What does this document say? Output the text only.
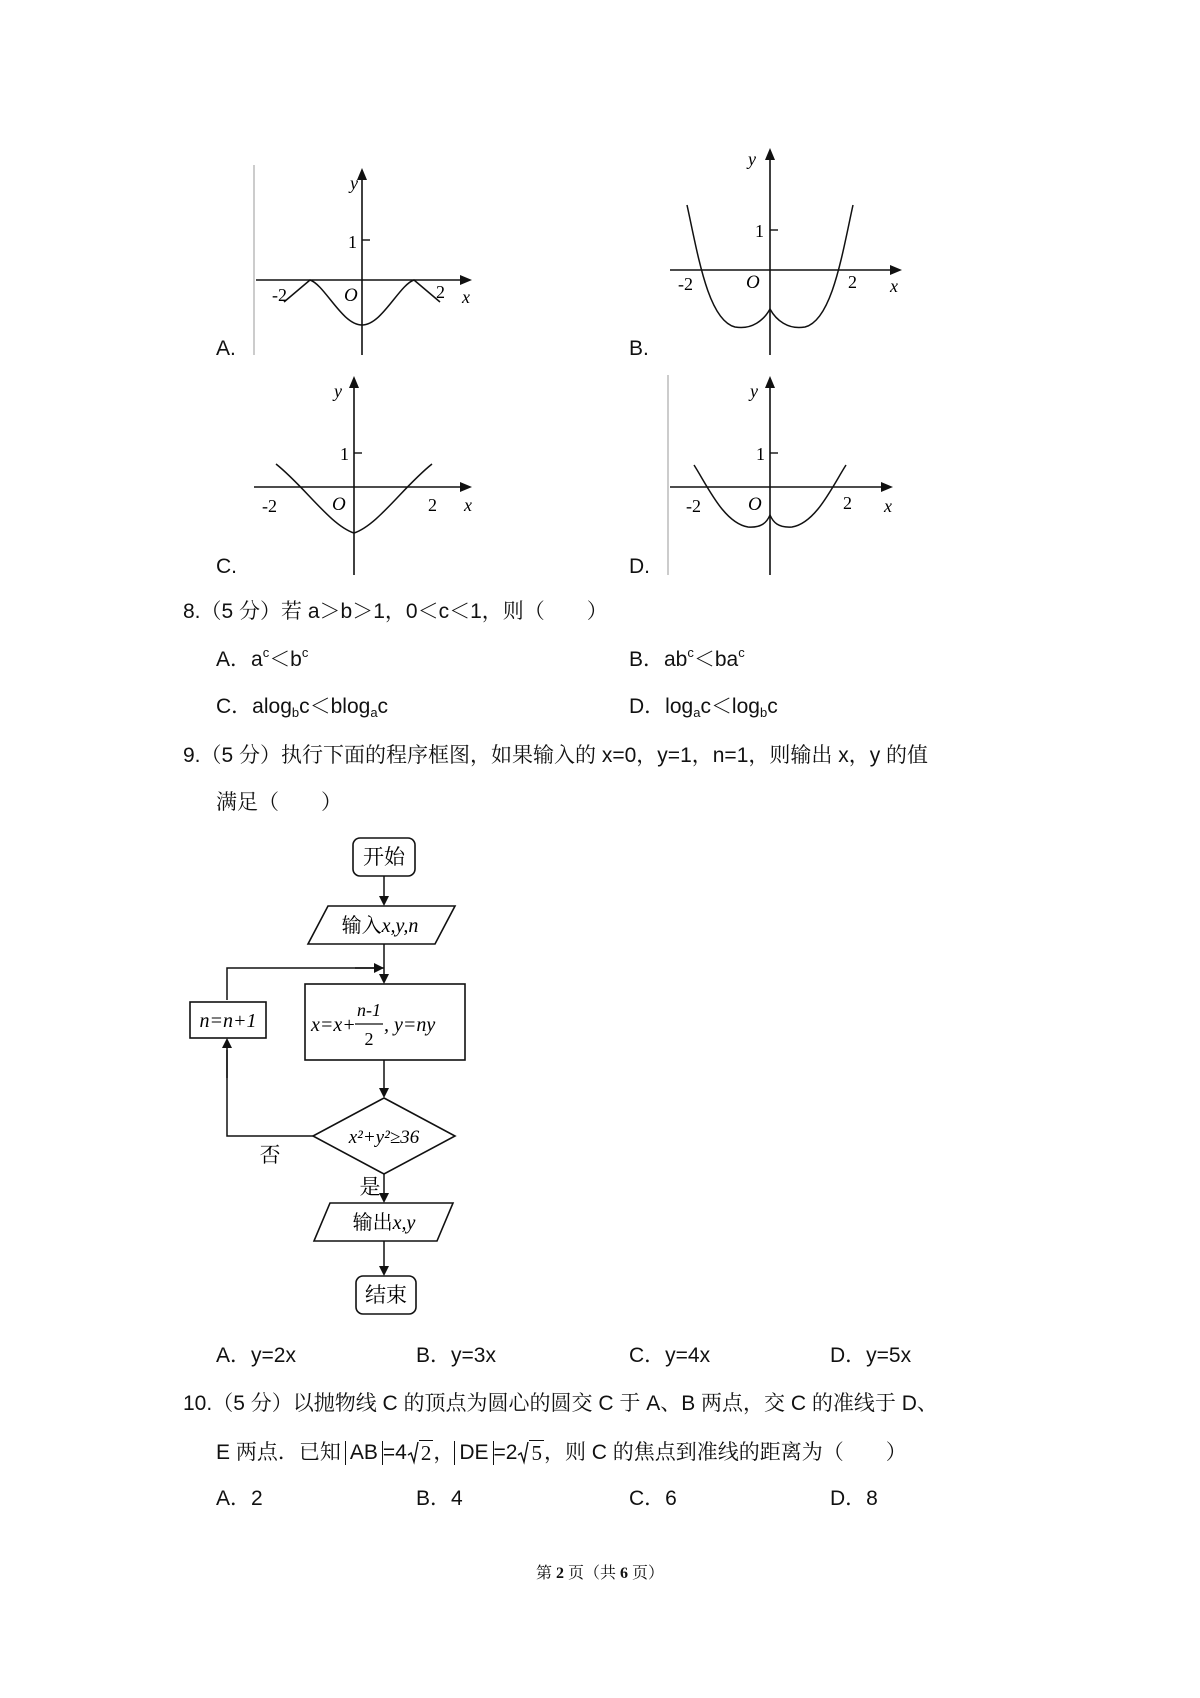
A.
y
1
-2	O	2 x
B.
y
1
-2	O	2 x
C.
y
1
-2	O	2 x
D.
y
1
-2 O	2 x
8.（5 分）若 a＞b＞1，0＜c＜1，则（　　）
A．$a^c<b^c$	B．$ab^c<ba^c$
C．alog$_b$c＜blog$_a$c	D．$\log_ac<\log_bc$
9.（5 分）执行下面的程序框图，如果输入的 x=0，y=1，n=1，则输出 x，y 的值
满足（　　）
开始
输入x,y,n
x=x+
n-1
2
, y=ny
n=n+1
x²+y²≥36
否
是
输出x,y
结束
A．y=2x	B．y=3x	C．y=4x	D．y=5x
10.（5 分）以抛物线 C 的顶点为圆心的圆交 C 于 A、B 两点，交 C 的准线于 D、
E 两点．已知 AB =4 2 ， DE =2 5 ，则 C 的焦点到准线的距离为（　　）
A．2	B．4	C．6	D．8
第 2 页（共 6 页）
